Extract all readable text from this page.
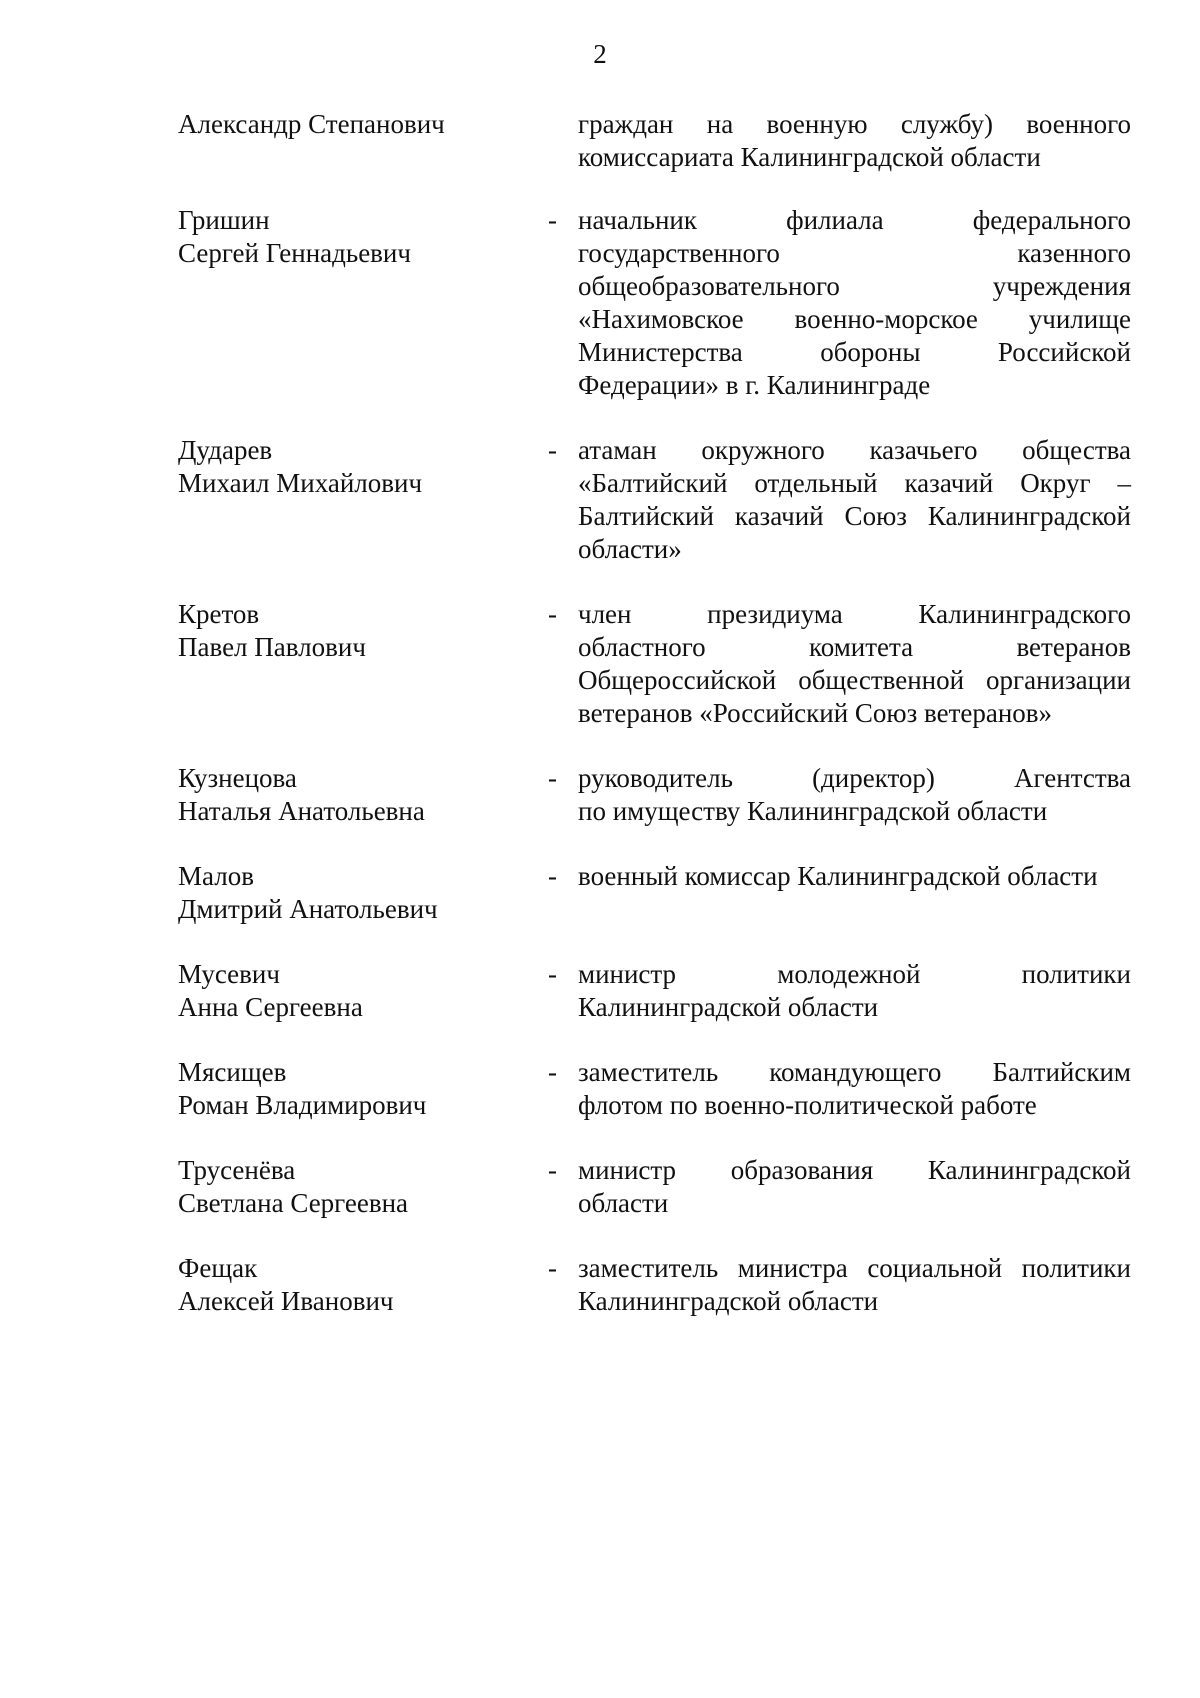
2
Александр Степанович	граждан на военную службу) военного
комиссариата Калининградской области
Гришин
Сергей Геннадьевич
- начальник филиала федерального
государственного казенного
общеобразовательного учреждения
«Нахимовское военно-морское училище
Министерства обороны Российской
Федерации» в г. Калининграде
Дударев
Михаил Михайлович
- атаман окружного казачьего общества
«Балтийский отдельный казачий Округ –
Балтийский казачий Союз Калининградской
области»
Кретов
Павел Павлович
- член президиума Калининградского
областного комитета ветеранов
Общероссийской общественной организации
ветеранов «Российский Союз ветеранов»
Кузнецова
Наталья Анатольевна
- руководитель (директор) Агентства
по имуществу Калининградской области
Малов
Дмитрий Анатольевич
- военный комиссар Калининградской области
Мусевич
Анна Сергеевна
- министр молодежной политики
Калининградской области
Мясищев
Роман Владимирович
- заместитель командующего Балтийским
флотом по военно-политической работе
Трусенёва
Светлана Сергеевна
- министр образования Калининградской
области
Фещак
Алексей Иванович
- заместитель министра социальной политики
Калининградской области
